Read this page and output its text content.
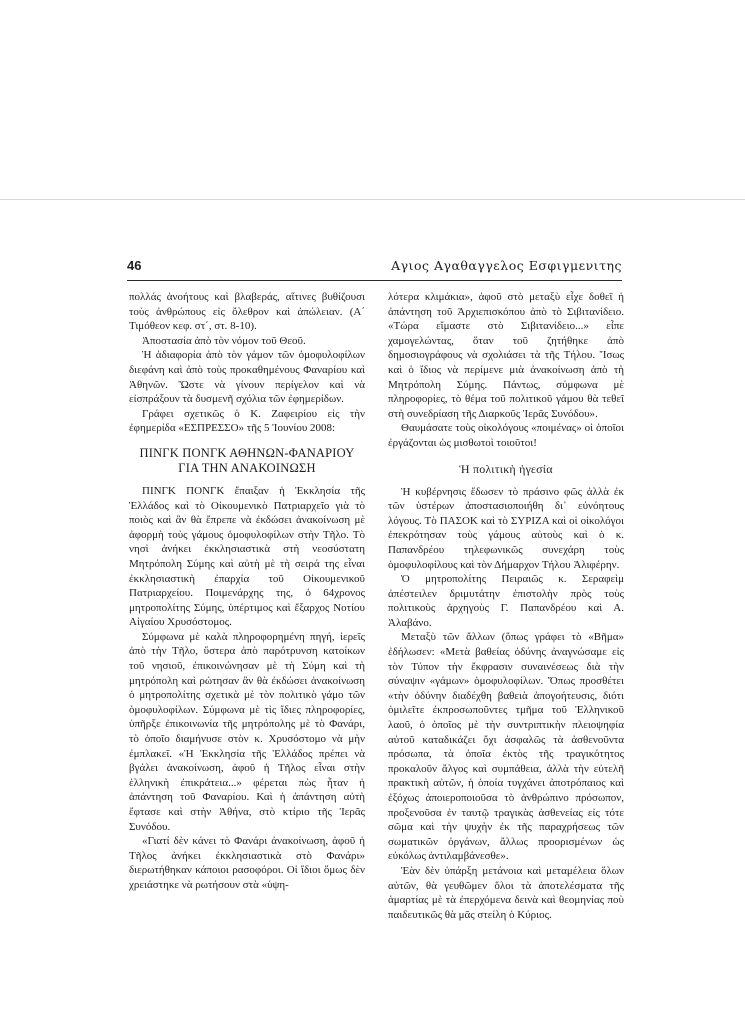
46	Αγιος Αγαθαγγελος Εσφιγμενιτης

πολλάς ἀνοήτους καὶ βλαβεράς, αἵτινες βυθίζουσι τοὺς ἀνθρώπους εἰς ὄλεθρον καὶ ἀπώλειαν. (Α΄ Τιμόθεον κεφ. στ΄, στ. 8-10).

Ἀποστασία ἀπὸ τὸν νόμον τοῦ Θεοῦ.

Ἡ ἀδιαφορία ἀπὸ τὸν γάμον τῶν ὁμοφυλοφίλων διεφάνη καὶ ἀπὸ τοὺς προκαθημένους Φαναρίου καὶ Ἀθηνῶν. Ὥστε νὰ γίνουν περίγελον καὶ νὰ εἰσπράξουν τὰ δυσμενῆ σχόλια τῶν ἐφημερίδων.

Γράφει σχετικῶς ὁ Κ. Ζαφειρίου εἰς τὴν ἐφημερίδα «ΕΣΠΡΕΣΣΟ» τῆς 5 Ἰουνίου 2008:

ΠΙΝΓΚ ΠΟΝΓΚ ΑΘΗΝΩΝ-ΦΑΝΑΡΙΟΥ
ΓΙΑ ΤΗΝ ΑΝΑΚΟΙΝΩΣΗ

ΠΙΝΓΚ ΠΟΝΓΚ ἔπαιξαν ἡ Ἐκκλησία τῆς Ἑλλάδος καὶ τὸ Οἰκουμενικὸ Πατριαρχεῖο γιὰ τὸ ποιὸς καὶ ἂν θὰ ἔπρεπε νὰ ἐκδώσει ἀνακοίνωση μὲ ἀφορμὴ τοὺς γάμους ὁμοφυλοφίλων στὴν Τῆλο. Τὸ νησὶ ἀνήκει ἐκκλησιαστικὰ στὴ νεοσύστατη Μητρόπολη Σύμης καὶ αὐτὴ μὲ τὴ σειρά της εἶναι ἐκκλησιαστικὴ ἐπαρχία τοῦ Οἰκουμενικοῦ Πατριαρχείου. Ποιμενάρχης της, ὁ 64χρονος μητροπολίτης Σύμης, ὑπέρτιμος καὶ ἔξαρχος Νοτίου Αἰγαίου Χρυσόστομος.

Σύμφωνα μὲ καλὰ πληροφορημένη πηγή, ἱερεῖς ἀπὸ τὴν Τῆλο, ὕστερα ἀπὸ παρότρυνση κατοίκων τοῦ νησιοῦ, ἐπικοινώνησαν μὲ τὴ Σύμη καὶ τὴ μητρόπολη καὶ ρώτησαν ἂν θὰ ἐκδώσει ἀνακοίνωση ὁ μητροπολίτης σχετικὰ μὲ τὸν πολιτικὸ γάμο τῶν ὁμοφυλοφίλων. Σύμφωνα μὲ τὶς ἴδιες πληροφορίες, ὑπῆρξε ἐπικοινωνία τῆς μητρόπολης μὲ τὸ Φανάρι, τὸ ὁποῖο διαμήνυσε στὸν κ. Χρυσόστομο νὰ μὴν ἐμπλακεῖ. «Ἡ Ἐκκλησία τῆς Ἑλλάδος πρέπει νὰ βγάλει ἀνακοίνωση, ἀφοῦ ἡ Τῆλος εἶναι στὴν ἑλληνικὴ ἐπικράτεια...» φέρεται πὼς ἦταν ἡ ἀπάντηση τοῦ Φαναρίου. Καὶ ἡ ἀπάντηση αὐτὴ ἔφτασε καὶ στὴν Ἀθήνα, στὸ κτίριο τῆς Ἱερᾶς Συνόδου.

«Γιατί δὲν κάνει τὸ Φανάρι ἀνακοίνωση, ἀφοῦ ἡ Τῆλος ἀνήκει ἐκκλησιαστικὰ στὸ Φανάρι» διερωτήθηκαν κάποιοι ρασοφόροι. Οἱ ἴδιοι ὅμως δὲν χρειάστηκε νὰ ρωτήσουν στὰ «ὑψη-

λότερα κλιμάκια», ἀφοῦ στὸ μεταξὺ εἶχε δοθεῖ ἡ ἀπάντηση τοῦ Ἀρχιεπισκόπου ἀπὸ τὸ Σιβιτανίδειο. «Τώρα εἴμαστε στὸ Σιβιτανίδειο...» εἶπε χαμογελώντας, ὅταν τοῦ ζητήθηκε ἀπὸ δημοσιογράφους νὰ σχολιάσει τὰ τῆς Τήλου. Ἴσως καὶ ὁ ἴδιος νὰ περίμενε μιὰ ἀνακοίνωση ἀπὸ τὴ Μητρόπολη Σύμης. Πάντως, σύμφωνα μὲ πληροφορίες, τὸ θέμα τοῦ πολιτικοῦ γάμου θὰ τεθεῖ στὴ συνεδρίαση τῆς Διαρκοῦς Ἱερᾶς Συνόδου».

Θαυμάσατε τοὺς οἰκολόγους «ποιμένας» οἱ ὁποῖοι ἐργάζονται ὡς μισθωτοὶ τοιοῦτοι!

Ἡ πολιτικὴ ἡγεσία

Ἡ κυβέρνησις ἔδωσεν τὸ πράσινο φῶς ἀλλὰ ἐκ τῶν ὑστέρων ἀποστασιοποιήθη δι᾽ εὐνόητους λόγους. Τὸ ΠΑΣΟΚ καὶ τὸ ΣΥΡΙΖΑ καὶ οἱ οἰκολόγοι ἐπεκρότησαν τοὺς γάμους αὐτοὺς καὶ ὁ κ. Παπανδρέου τηλεφωνικῶς συνεχάρη τοὺς ὁμοφυλοφίλους καὶ τὸν Δήμαρχον Τήλου Ἀλιφέρην.

Ὁ μητροπολίτης Πειραιῶς κ. Σεραφεὶμ ἀπέστειλεν δριμυτάτην ἐπιστολὴν πρὸς τοὺς πολιτικοὺς ἀρχηγοὺς Γ. Παπανδρέου καὶ Α. Ἀλαβάνο.

Μεταξὺ τῶν ἄλλων (ὅπως γράφει τὸ «Βῆμα» ἐδήλωσεν: «Μετὰ βαθείας ὀδύνης ἀναγνώσαμε εἰς τὸν Τύπον τὴν ἔκφρασιν συναινέσεως διὰ τὴν σύναψιν «γάμων» ὁμοφυλοφίλων. Ὅπως προσθέτει «τὴν ὀδύνην διαδέχθη βαθειὰ ἀπογοήτευσις, διότι ὁμιλεῖτε ἐκπροσωποῦντες τμῆμα τοῦ Ἑλληνικοῦ λαοῦ, ὁ ὁποῖος μὲ τὴν συντριπτικὴν πλειοψηφία αὐτοῦ καταδικάζει ὄχι ἀσφαλῶς τὰ ἀσθενοῦντα πρόσωπα, τὰ ὁποῖα ἐκτὸς τῆς τραγικότητος προκαλοῦν ἄλγος καὶ συμπάθεια, ἀλλὰ τὴν εὐτελῆ πρακτικὴ αὐτῶν, ἡ ὁποία τυγχάνει ἀποτρόπαιος καὶ ἐξόχως ἀποιεροποιοῦσα τὸ ἀνθρώπινο πρόσωπον, προξενοῦσα ἐν ταυτῷ τραγικὰς ἀσθενείας εἰς τότε σῶμα καὶ τὴν ψυχὴν ἐκ τῆς παραχρήσεως τῶν σωματικῶν ὀργάνων, ἄλλως προορισμένων ὡς εὐκόλως ἀντιλαμβάνεσθε».

Ἐὰν δὲν ὑπάρξη μετάνοια καὶ μεταμέλεια ὅλων αὐτῶν, θὰ γευθῶμεν ὅλοι τὰ ἀποτελέσματα τῆς ἁμαρτίας μὲ τὰ ἐπερχόμενα δεινὰ καὶ θεομηνίας ποὺ παιδευτικῶς θὰ μᾶς στείλη ὁ Κύριος.
